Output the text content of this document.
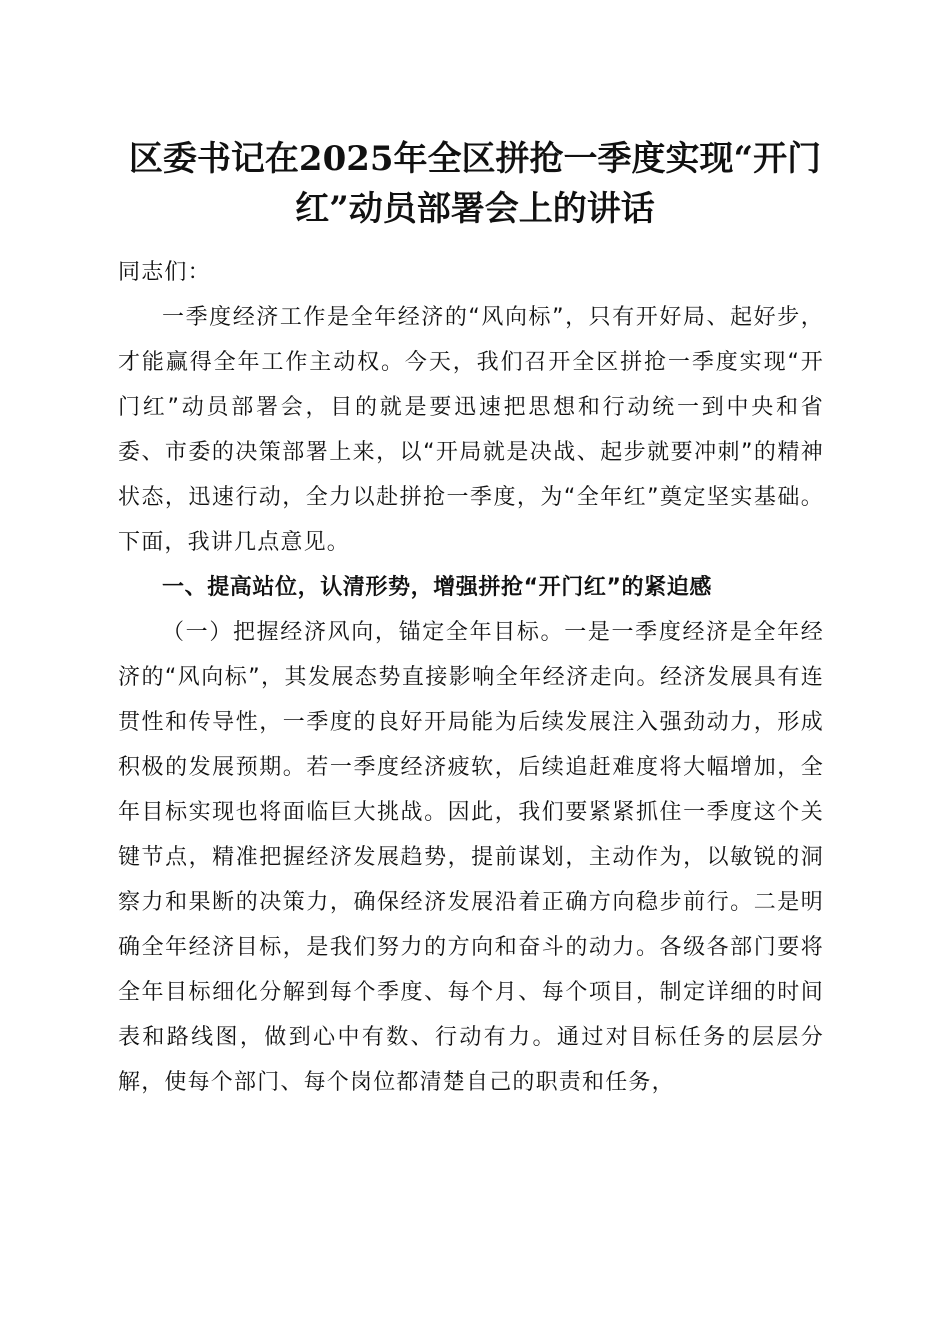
区委书记在2025年全区拼抢一季度实现“开门红”动员部署会上的讲话

同志们：

一季度经济工作是全年经济的“风向标”，只有开好局、起好步，才能赢得全年工作主动权。今天，我们召开全区拼抢一季度实现“开门红”动员部署会，目的就是要迅速把思想和行动统一到中央和省委、市委的决策部署上来，以“开局就是决战、起步就要冲刺”的精神状态，迅速行动，全力以赴拼抢一季度，为“全年红”奠定坚实基础。下面，我讲几点意见。

一、提高站位，认清形势，增强拼抢“开门红”的紧迫感

（一）把握经济风向，锚定全年目标。一是一季度经济是全年经济的“风向标”，其发展态势直接影响全年经济走向。经济发展具有连贯性和传导性，一季度的良好开局能为后续发展注入强劲动力，形成积极的发展预期。若一季度经济疲软，后续追赶难度将大幅增加，全年目标实现也将面临巨大挑战。因此，我们要紧紧抓住一季度这个关键节点，精准把握经济发展趋势，提前谋划，主动作为，以敏锐的洞察力和果断的决策力，确保经济发展沿着正确方向稳步前行。二是明确全年经济目标，是我们努力的方向和奋斗的动力。各级各部门要将全年目标细化分解到每个季度、每个月、每个项目，制定详细的时间表和路线图，做到心中有数、行动有力。通过对目标任务的层层分解，使每个部门、每个岗位都清楚自己的职责和任务，
